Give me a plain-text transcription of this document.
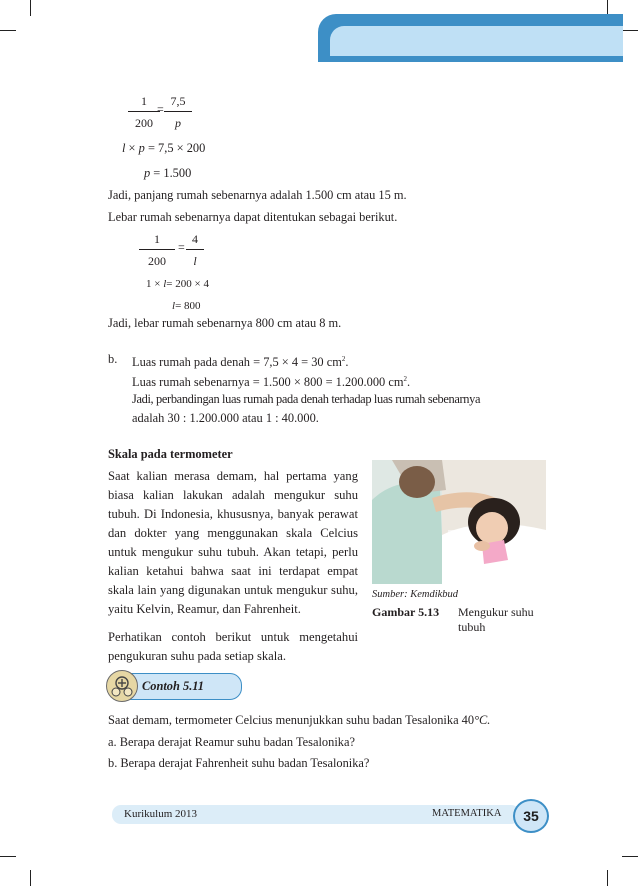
$\frac{1}{200}$
= $\frac{7,5}{p}$
l × p = 7,5 × 200
p = 1.500
Jadi, panjang rumah sebenarnya adalah 1.500 cm atau 15 m.
Lebar rumah sebenarnya dapat ditentukan sebagai berikut.
$\frac{1}{200} = \frac{4}{l}$
1 × l= 200 × 4
l= 800
Jadi, lebar rumah sebenarnya 800 cm atau 8 m.
b. Luas rumah pada denah = 7,5 × 4 = 30 $cm^2$.
Luas rumah sebenarnya = 1.500 × 800 = 1.200.000 $cm^2$.
Jadi, perbandingan luas rumah pada denah terhadap luas rumah sebenarnya
adalah 30 : 1.200.000 atau 1 : 40.000.
Skala pada termometer
Saat kalian merasa demam, hal pertama yang biasa kalian lakukan adalah mengukur suhu tubuh. Di Indonesia, khususnya, banyak perawat dan dokter yang menggunakan skala Celcius untuk mengukur suhu tubuh. Akan tetapi, perlu kalian ketahui bahwa saat ini terdapat empat skala lain yang digunakan untuk mengukur suhu, yaitu Kelvin, Reamur, dan Fahrenheit.
Perhatikan contoh berikut untuk mengetahui pengukuran suhu pada setiap skala.
Sumber: Kemdikbud
Gambar 5.13 Mengukur suhu tubuh
Contoh 5.11
Saat demam, termometer Celcius menunjukkan suhu badan Tesalonika 40°C.
a. Berapa derajat Reamur suhu badan Tesalonika?
b. Berapa derajat Fahrenheit suhu badan Tesalonika?
Kurikulum 2013	MATEMATIKA	35
